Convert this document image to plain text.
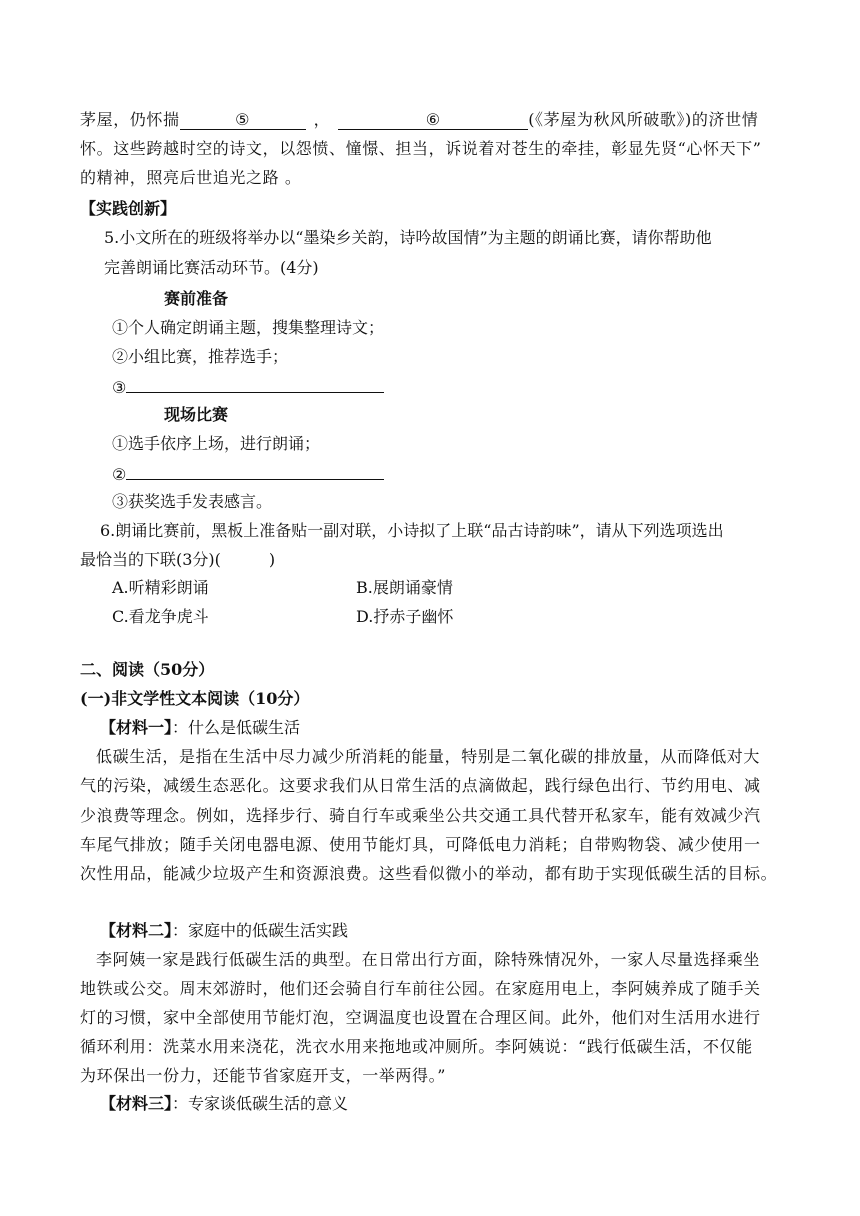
茅屋，仍怀揣	⑤	，	⑥	(《茅屋为秋风所破歌》)的济世情
怀。这些跨越时空的诗文，以怨愤、憧憬、担当，诉说着对苍生的牵挂，彰显先贤“心怀天下”
的精神，照亮后世追光之路 。
【实践创新】
5.小文所在的班级将举办以“墨染乡关韵，诗吟故国情”为主题的朗诵比赛，请你帮助他
完善朗诵比赛活动环节。(4分)
赛前准备
①个人确定朗诵主题，搜集整理诗文；
②小组比赛，推荐选手；
③
现场比赛
①选手依序上场，进行朗诵；
②
③获奖选手发表感言。
6.朗诵比赛前，黑板上准备贴一副对联，小诗拟了上联“品古诗韵味”，请从下列选项选出
最恰当的下联(3分)(　　　)
A.听精彩朗诵	B.展朗诵豪情
C.看龙争虎斗	D.抒赤子幽怀
二、阅读（50分）
(一)非文学性文本阅读（10分）
【材料一】：什么是低碳生活
低碳生活，是指在生活中尽力减少所消耗的能量，特别是二氧化碳的排放量，从而降低对大
气的污染，减缓生态恶化。这要求我们从日常生活的点滴做起，践行绿色出行、节约用电、减
少浪费等理念。例如，选择步行、骑自行车或乘坐公共交通工具代替开私家车，能有效减少汽
车尾气排放；随手关闭电器电源、使用节能灯具，可降低电力消耗；自带购物袋、减少使用一
次性用品，能减少垃圾产生和资源浪费。这些看似微小的举动，都有助于实现低碳生活的目标。
【材料二】：家庭中的低碳生活实践
李阿姨一家是践行低碳生活的典型。在日常出行方面，除特殊情况外，一家人尽量选择乘坐
地铁或公交。周末郊游时，他们还会骑自行车前往公园。在家庭用电上，李阿姨养成了随手关
灯的习惯，家中全部使用节能灯泡，空调温度也设置在合理区间。此外，他们对生活用水进行
循环利用：洗菜水用来浇花，洗衣水用来拖地或冲厕所。李阿姨说：“践行低碳生活，不仅能
为环保出一份力，还能节省家庭开支，一举两得。”
【材料三】：专家谈低碳生活的意义
